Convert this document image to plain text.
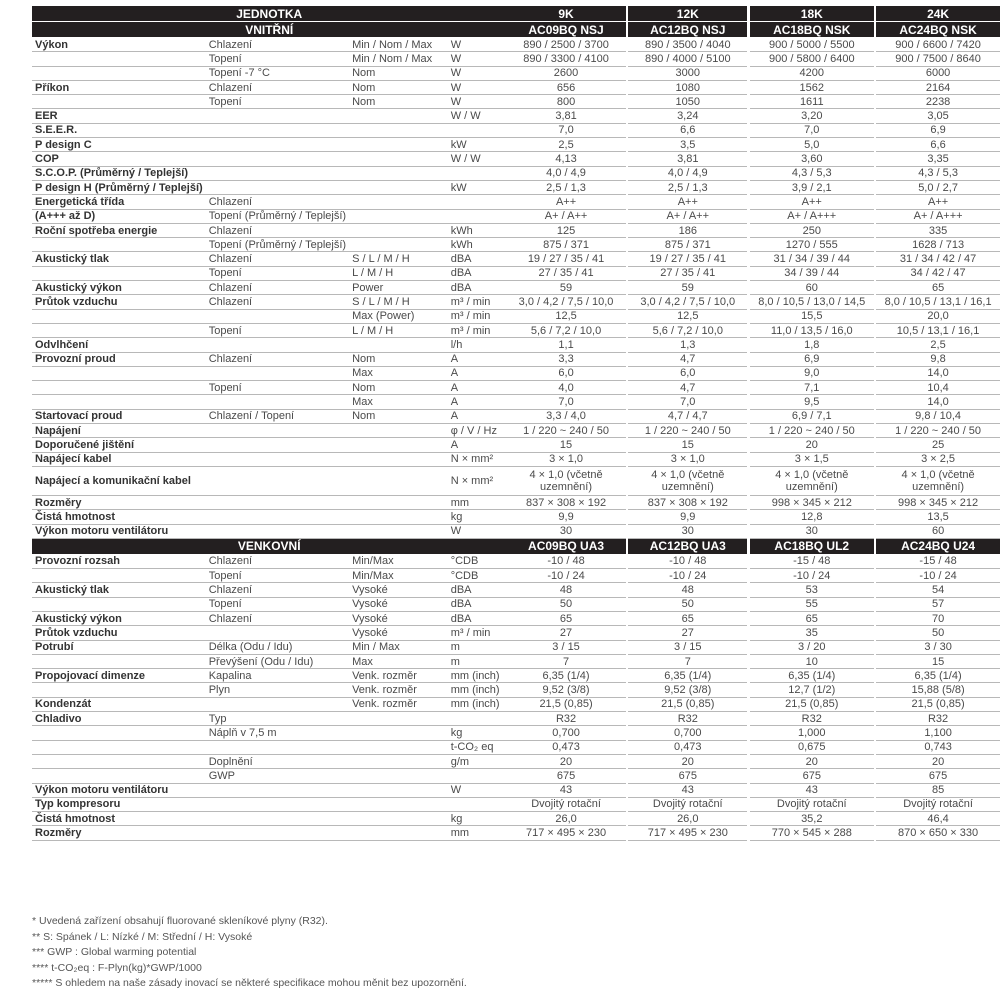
JEDNOTKA				9K		12K		18K		24K
VNITŘNÍ				AC09BQ NSJ		AC12BQ NSJ		AC18BQ NSK		AC24BQ NSK
Výkon	Chlazení	Min / Nom / Max	W	890 / 2500 / 3700		890 / 3500 / 4040		900 / 5000 / 5500		900 / 6600 / 7420
	Topení	Min / Nom / Max	W	890 / 3300 / 4100		890 / 4000 / 5100		900 / 5800 / 6400		900 / 7500 / 8640
	Topení -7 °C	Nom	W	2600		3000		4200		6000
Příkon	Chlazení	Nom	W	656		1080		1562		2164
	Topení	Nom	W	800		1050		1611		2238
EER			W / W	3,81		3,24		3,20		3,05
S.E.E.R.				7,0		6,6		7,0		6,9
P design C			kW	2,5		3,5		5,0		6,6
COP			W / W	4,13		3,81		3,60		3,35
S.C.O.P. (Průměrný / Teplejší)				4,0 / 4,9		4,0 / 4,9		4,3 / 5,3		4,3 / 5,3
P design H (Průměrný / Teplejší)			kW	2,5 / 1,3		2,5 / 1,3		3,9 / 2,1		5,0 / 2,7
Energetická třída	Chlazení			A++		A++		A++		A++
(A+++ až D)	Topení (Průměrný / Teplejší)			A+ / A++		A+ / A++		A+ / A+++		A+ / A+++
Roční spotřeba energie	Chlazení		kWh	125		186		250		335
	Topení (Průměrný / Teplejší)		kWh	875 / 371		875 / 371		1270 / 555		1628 / 713
Akustický tlak	Chlazení	S / L / M / H	dBA	19 / 27 / 35 / 41		19 / 27 / 35 / 41		31 / 34 / 39 / 44		31 / 34 / 42 / 47
	Topení	L / M / H	dBA	27 / 35 / 41		27 / 35 / 41		34 / 39 / 44		34 / 42 / 47
Akustický výkon	Chlazení	Power	dBA	59		59		60		65
Průtok vzduchu	Chlazení	S / L / M / H	m³ / min	3,0 / 4,2 / 7,5 / 10,0		3,0 / 4,2 / 7,5 / 10,0		8,0 / 10,5 / 13,0 / 14,5		8,0 / 10,5 / 13,1 / 16,1
		Max (Power)	m³ / min	12,5		12,5		15,5		20,0
	Topení	L / M / H	m³ / min	5,6 / 7,2 / 10,0		5,6 / 7,2 / 10,0		11,0 / 13,5 / 16,0		10,5 / 13,1 / 16,1
Odvlhčení			l/h	1,1		1,3		1,8		2,5
Provozní proud	Chlazení	Nom	A	3,3		4,7		6,9		9,8
		Max	A	6,0		6,0		9,0		14,0
	Topení	Nom	A	4,0		4,7		7,1		10,4
		Max	A	7,0		7,0		9,5		14,0
Startovací proud	Chlazení / Topení	Nom	A	3,3 / 4,0		4,7 / 4,7		6,9 / 7,1		9,8 / 10,4
Napájení			φ / V / Hz	1 / 220 ~ 240 / 50		1 / 220 ~ 240 / 50		1 / 220 ~ 240 / 50		1 / 220 ~ 240 / 50
Doporučené jištění			A	15		15		20		25
Napájecí kabel			N × mm²	3 × 1,0		3 × 1,0		3 × 1,5		3 × 2,5
Napájecí a komunikační kabel			N × mm²	4 × 1,0 (včetně uzemnění)		4 × 1,0 (včetně uzemnění)		4 × 1,0 (včetně uzemnění)		4 × 1,0 (včetně uzemnění)
Rozměry			mm	837 × 308 × 192		837 × 308 × 192		998 × 345 × 212		998 × 345 × 212
Čistá hmotnost			kg	9,9		9,9		12,8		13,5
Výkon motoru ventilátoru			W	30		30		30		60
VENKOVNÍ				AC09BQ UA3		AC12BQ UA3		AC18BQ UL2		AC24BQ U24
Provozní rozsah	Chlazení	Min/Max	°CDB	-10 / 48		-10 / 48		-15 / 48		-15 / 48
	Topení	Min/Max	°CDB	-10 / 24		-10 / 24		-10 / 24		-10 / 24
Akustický tlak	Chlazení	Vysoké	dBA	48		48		53		54
	Topení	Vysoké	dBA	50		50		55		57
Akustický výkon	Chlazení	Vysoké	dBA	65		65		65		70
Průtok vzduchu		Vysoké	m³ / min	27		27		35		50
Potrubí	Délka (Odu / Idu)	Min / Max	m	3 / 15		3 / 15		3 / 20		3 / 30
	Převýšení (Odu / Idu)	Max	m	7		7		10		15
Propojovací dimenze	Kapalina	Venk. rozměr	mm (inch)	6,35 (1/4)		6,35 (1/4)		6,35 (1/4)		6,35 (1/4)
	Plyn	Venk. rozměr	mm (inch)	9,52 (3/8)		9,52 (3/8)		12,7 (1/2)		15,88 (5/8)
Kondenzát		Venk. rozměr	mm (inch)	21,5 (0,85)		21,5 (0,85)		21,5 (0,85)		21,5 (0,85)
Chladivo	Typ			R32		R32		R32		R32
	Náplň v 7,5 m		kg	0,700		0,700		1,000		1,100
			t-CO₂ eq	0,473		0,473		0,675		0,743
	Doplnění		g/m	20		20		20		20
	GWP			675		675		675		675
Výkon motoru ventilátoru			W	43		43		43		85
Typ kompresoru				Dvojitý rotační		Dvojitý rotační		Dvojitý rotační		Dvojitý rotační
Čistá hmotnost			kg	26,0		26,0		35,2		46,4
Rozměry			mm	717 × 495 × 230		717 × 495 × 230		770 × 545 × 288		870 × 650 × 330
* Uvedená zařízení obsahují fluorované skleníkové plyny (R32).
** S: Spánek / L: Nízké / M: Střední / H: Vysoké
*** GWP : Global warming potential
**** t-CO₂eq : F-Plyn(kg)*GWP/1000
***** S ohledem na naše zásady inovací se některé specifikace mohou měnit bez upozornění.
